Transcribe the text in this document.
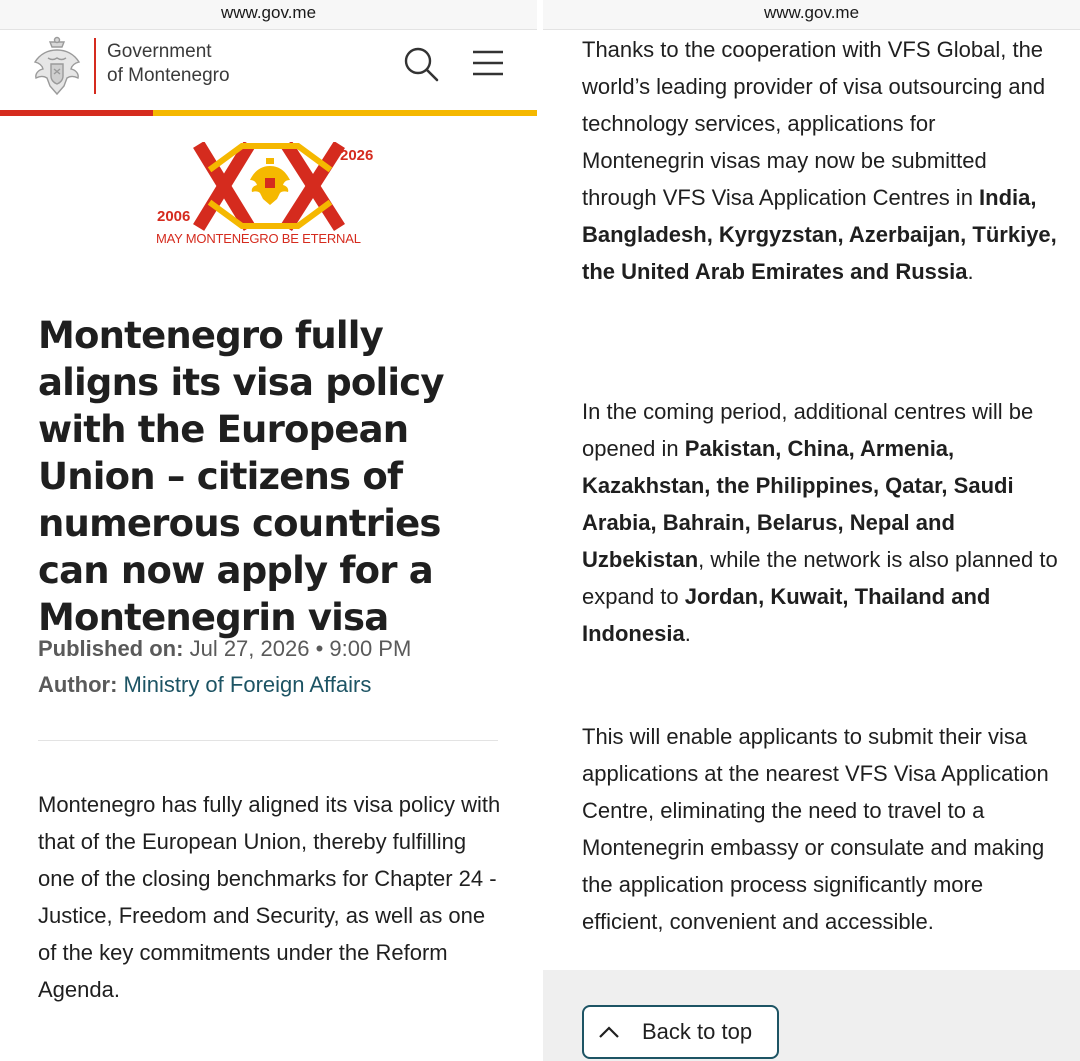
www.gov.me
Government
of Montenegro
2006
2026
MAY MONTENEGRO BE ETERNAL
Montenegro fully aligns its visa policy with the European Union – citizens of numerous countries can now apply for a Montenegrin visa
Published on: Jul 27, 2026 • 9:00 PM
Author: Ministry of Foreign Affairs

Montenegro has fully aligned its visa policy with that of the European Union, thereby fulfilling one of the closing benchmarks for Chapter 24 - Justice, Freedom and Security, as well as one of the key commitments under the Reform Agenda.

www.gov.me

Thanks to the cooperation with VFS Global, the world’s leading provider of visa outsourcing and technology services, applications for Montenegrin visas may now be submitted through VFS Visa Application Centres in India, Bangladesh, Kyrgyzstan, Azerbaijan, Türkiye, the United Arab Emirates and Russia.

In the coming period, additional centres will be opened in Pakistan, China, Armenia, Kazakhstan, the Philippines, Qatar, Saudi Arabia, Bahrain, Belarus, Nepal and Uzbekistan, while the network is also planned to expand to Jordan, Kuwait, Thailand and Indonesia.

This will enable applicants to submit their visa applications at the nearest VFS Visa Application Centre, eliminating the need to travel to a Montenegrin embassy or consulate and making the application process significantly more efficient, convenient and accessible.

Back to top
